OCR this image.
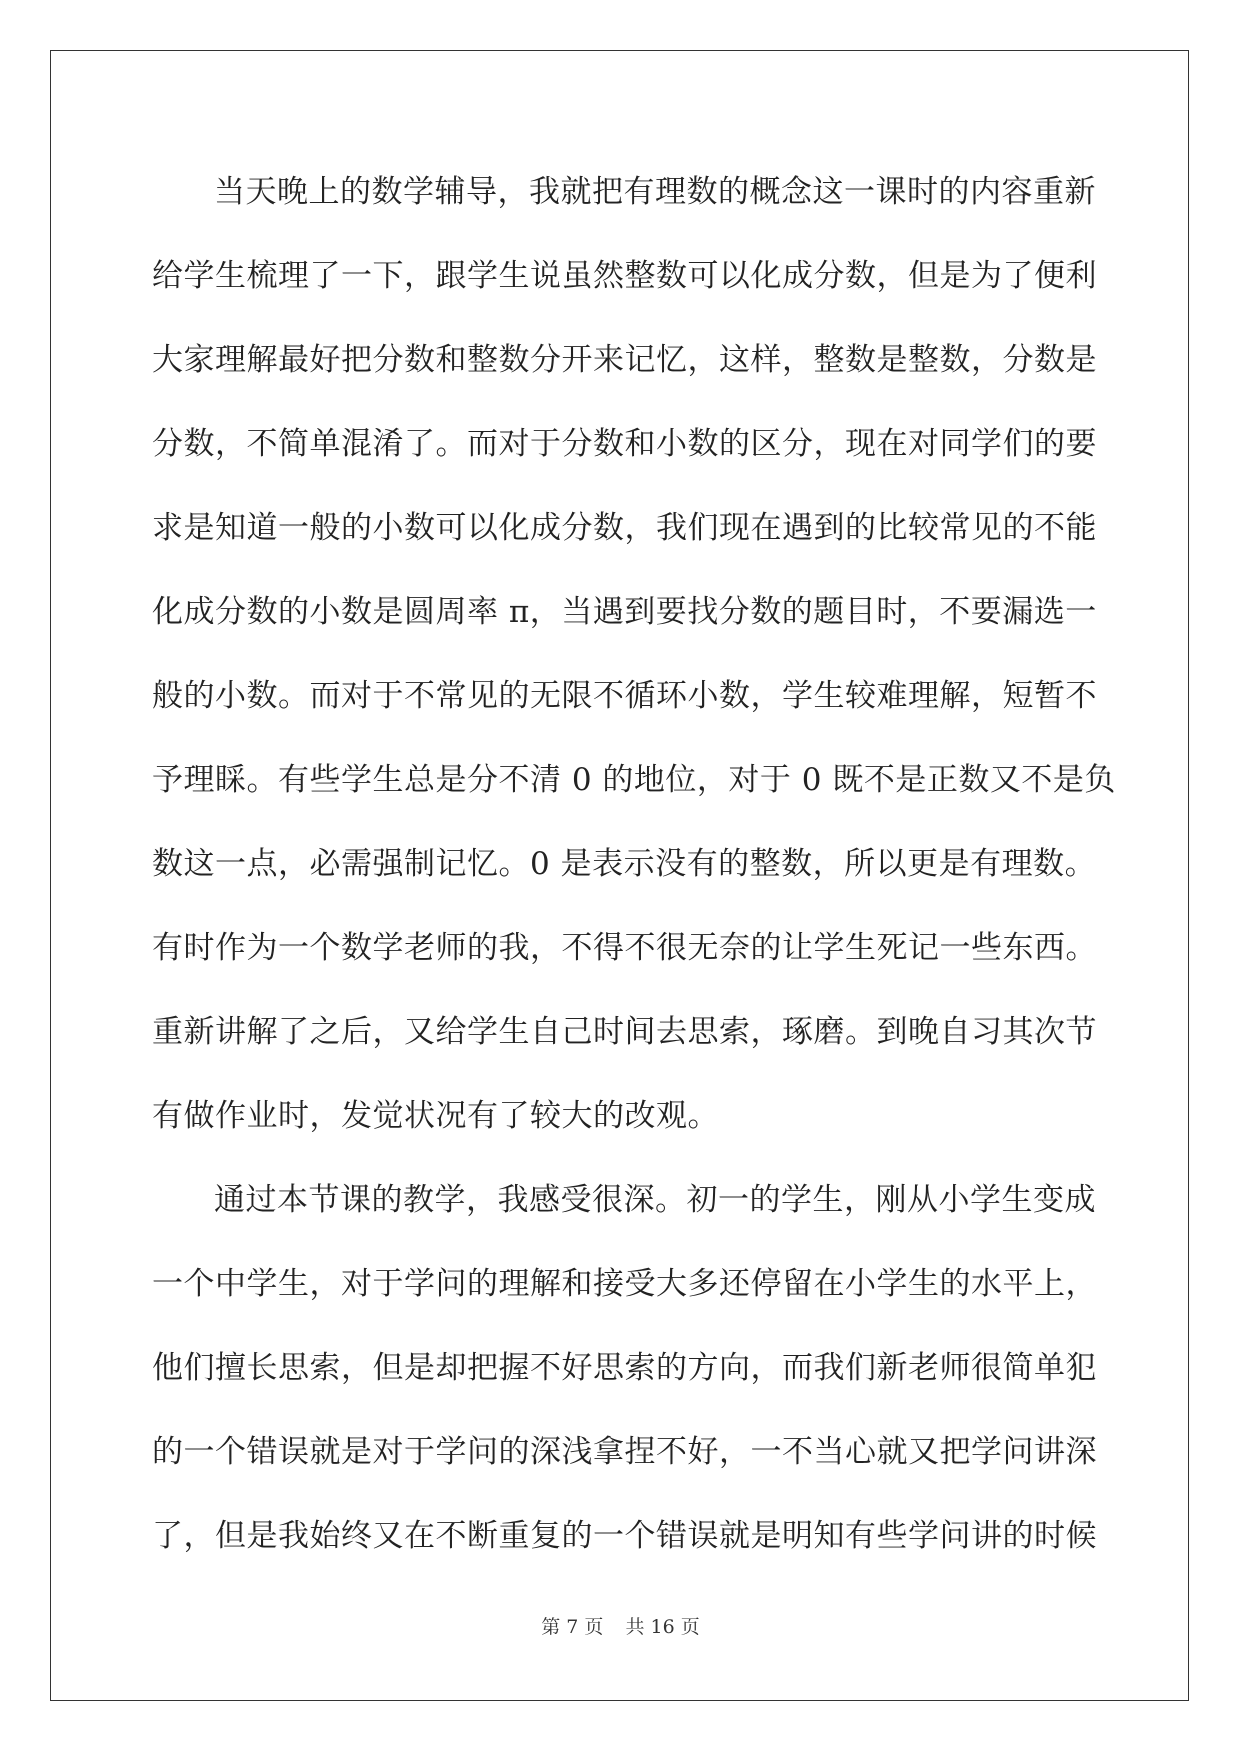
当天晚上的数学辅导，我就把有理数的概念这一课时的内容重新
给学生梳理了一下，跟学生说虽然整数可以化成分数，但是为了便利
大家理解最好把分数和整数分开来记忆，这样，整数是整数，分数是
分数，不简单混淆了。而对于分数和小数的区分，现在对同学们的要
求是知道一般的小数可以化成分数，我们现在遇到的比较常见的不能
化成分数的小数是圆周率 π，当遇到要找分数的题目时，不要漏选一
般的小数。而对于不常见的无限不循环小数，学生较难理解，短暂不
予理睬。有些学生总是分不清 0 的地位，对于 0 既不是正数又不是负
数这一点，必需强制记忆。0 是表示没有的整数，所以更是有理数。
有时作为一个数学老师的我，不得不很无奈的让学生死记一些东西。
重新讲解了之后，又给学生自己时间去思索，琢磨。到晚自习其次节
有做作业时，发觉状况有了较大的改观。
通过本节课的教学，我感受很深。初一的学生，刚从小学生变成
一个中学生，对于学问的理解和接受大多还停留在小学生的水平上，
他们擅长思索，但是却把握不好思索的方向，而我们新老师很简单犯
的一个错误就是对于学问的深浅拿捏不好，一不当心就又把学问讲深
了，但是我始终又在不断重复的一个错误就是明知有些学问讲的时候
第 7 页 共 16 页
